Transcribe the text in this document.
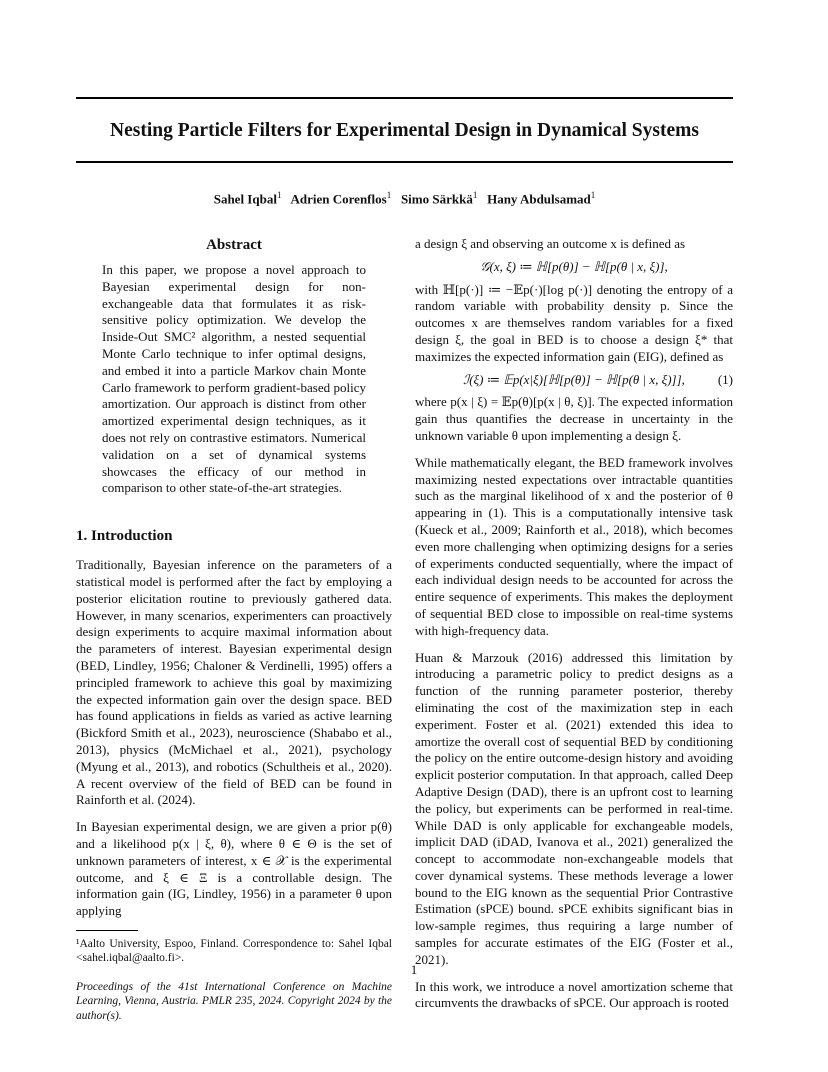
Nesting Particle Filters for Experimental Design in Dynamical Systems
Sahel Iqbal$^1$ Adrien Corenflos$^1$ Simo Särkkä$^1$ Hany Abdulsamad$^1$
Abstract

In this paper, we propose a novel approach to Bayesian experimental design for non-exchangeable data that formulates it as risk-sensitive policy optimization. We develop the Inside-Out SMC² algorithm, a nested sequential Monte Carlo technique to infer optimal designs, and embed it into a particle Markov chain Monte Carlo framework to perform gradient-based policy amortization. Our approach is distinct from other amortized experimental design techniques, as it does not rely on contrastive estimators. Numerical validation on a set of dynamical systems showcases the efficacy of our method in comparison to other state-of-the-art strategies.

1. Introduction

Traditionally, Bayesian inference on the parameters of a statistical model is performed after the fact by employing a posterior elicitation routine to previously gathered data. However, in many scenarios, experimenters can proactively design experiments to acquire maximal information about the parameters of interest. Bayesian experimental design (BED, Lindley, 1956; Chaloner & Verdinelli, 1995) offers a principled framework to achieve this goal by maximizing the expected information gain over the design space. BED has found applications in fields as varied as active learning (Bickford Smith et al., 2023), neuroscience (Shababo et al., 2013), physics (McMichael et al., 2021), psychology (Myung et al., 2013), and robotics (Schultheis et al., 2020). A recent overview of the field of BED can be found in Rainforth et al. (2024).

In Bayesian experimental design, we are given a prior p(θ) and a likelihood p(x | ξ, θ), where θ ∈ Θ is the set of unknown parameters of interest, x ∈ 𝒳 is the experimental outcome, and ξ ∈ Ξ is a controllable design. The information gain (IG, Lindley, 1956) in a parameter θ upon applying

¹Aalto University, Espoo, Finland. Correspondence to: Sahel Iqbal <sahel.iqbal@aalto.fi>.
Proceedings of the 41st International Conference on Machine Learning, Vienna, Austria. PMLR 235, 2024. Copyright 2024 by the author(s).

a design ξ and observing an outcome x is defined as

𝒢(x, ξ) ≔ ℍ[p(θ)] − ℍ[p(θ | x, ξ)],

with ℍ[p(·)] ≔ −𝔼p(·)[log p(·)] denoting the entropy of a random variable with probability density p. Since the outcomes x are themselves random variables for a fixed design ξ, the goal in BED is to choose a design ξ* that maximizes the expected information gain (EIG), defined as

ℐ(ξ) ≔ 𝔼p(x|ξ)[ℍ[p(θ)] − ℍ[p(θ | x, ξ)]],	(1)

where p(x | ξ) = 𝔼p(θ)[p(x | θ, ξ)]. The expected information gain thus quantifies the decrease in uncertainty in the unknown variable θ upon implementing a design ξ.

While mathematically elegant, the BED framework involves maximizing nested expectations over intractable quantities such as the marginal likelihood of x and the posterior of θ appearing in (1). This is a computationally intensive task (Kueck et al., 2009; Rainforth et al., 2018), which becomes even more challenging when optimizing designs for a series of experiments conducted sequentially, where the impact of each individual design needs to be accounted for across the entire sequence of experiments. This makes the deployment of sequential BED close to impossible on real-time systems with high-frequency data.

Huan & Marzouk (2016) addressed this limitation by introducing a parametric policy to predict designs as a function of the running parameter posterior, thereby eliminating the cost of the maximization step in each experiment. Foster et al. (2021) extended this idea to amortize the overall cost of sequential BED by conditioning the policy on the entire outcome-design history and avoiding explicit posterior computation. In that approach, called Deep Adaptive Design (DAD), there is an upfront cost to learning the policy, but experiments can be performed in real-time. While DAD is only applicable for exchangeable models, implicit DAD (iDAD, Ivanova et al., 2021) generalized the concept to accommodate non-exchangeable models that cover dynamical systems. These methods leverage a lower bound to the EIG known as the sequential Prior Contrastive Estimation (sPCE) bound. sPCE exhibits significant bias in low-sample regimes, thus requiring a large number of samples for accurate estimates of the EIG (Foster et al., 2021).

In this work, we introduce a novel amortization scheme that circumvents the drawbacks of sPCE. Our approach is rooted

1
